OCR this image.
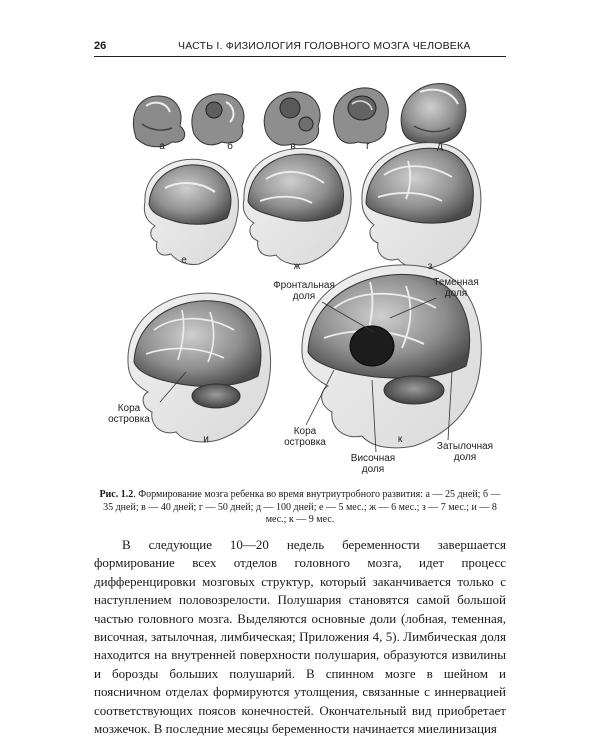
26	ЧАСТЬ I. ФИЗИОЛОГИЯ ГОЛОВНОГО МОЗГА ЧЕЛОВЕКА
а	б	в	г	д
е
ж	з
и	к
Фронтальная доля
Теменная доля
Кора островка
Кора островка
Височная доля
Затылочная доля
Рис. 1.2. Формирование мозга ребенка во время внутриутробного развития: а — 25 дней; б — 35 дней; в — 40 дней; г — 50 дней; д — 100 дней; е — 5 мес.; ж — 6 мес.; з — 7 мес.; и — 8 мес.; к — 9 мес.

В следующие 10—20 недель беременности завершается формирование всех отделов головного мозга, идет процесс дифференцировки мозговых структур, который заканчивается только с наступлением половозрелости. Полушария становятся самой большой частью головного мозга. Выделяются основные доли (лобная, теменная, височная, затылочная, лимбическая; Приложения 4, 5). Лимбическая доля находится на внутренней поверхности полушария, образуются извилины и борозды больших полушарий. В спинном мозге в шейном и поясничном отделах формируются утолщения, связанные с иннервацией соответствующих поясов конечностей. Окончательный вид приобретает мозжечок. В последние месяцы беременности начинается миелинизация
